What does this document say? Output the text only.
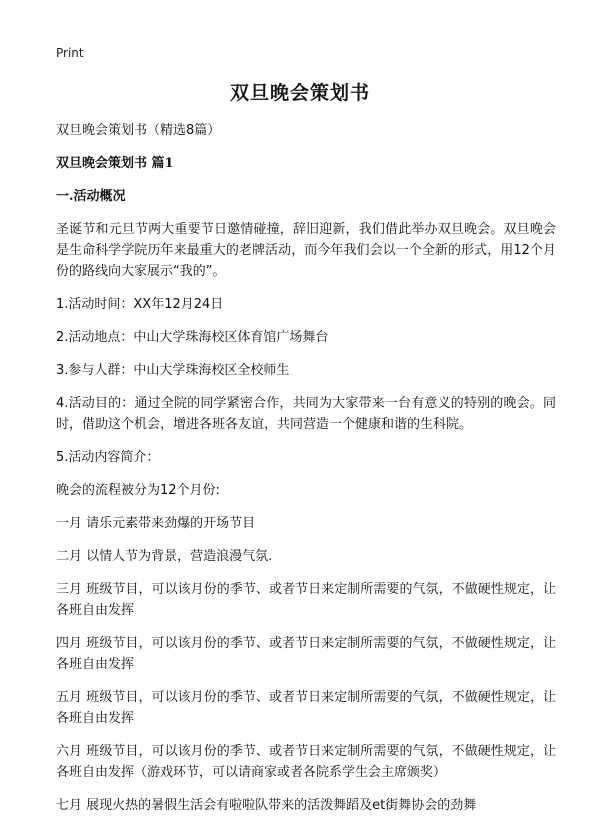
Print
双旦晚会策划书

双旦晚会策划书（精选8篇）

双旦晚会策划书 篇1

一.活动概况

圣诞节和元旦节两大重要节日邀情碰撞，辞旧迎新，我们借此举办双旦晚会。双旦晚会是生命科学学院历年来最重大的老牌活动，而今年我们会以一个全新的形式，用12个月份的路线向大家展示“我的”。

1.活动时间：XX年12月24日

2.活动地点：中山大学珠海校区体育馆广场舞台

3.参与人群：中山大学珠海校区全校师生

4.活动目的：通过全院的同学紧密合作，共同为大家带来一台有意义的特别的晚会。同时，借助这个机会，增进各班各友谊，共同营造一个健康和谐的生科院。

5.活动内容简介：

晚会的流程被分为12个月份:

一月 请乐元素带来劲爆的开场节目

二月 以情人节为背景，营造浪漫气氛.

三月 班级节目，可以该月份的季节、或者节日来定制所需要的气氛，不做硬性规定，让各班自由发挥

四月 班级节目，可以该月份的季节、或者节日来定制所需要的气氛，不做硬性规定，让各班自由发挥

五月 班级节目，可以该月份的季节、或者节日来定制所需要的气氛，不做硬性规定，让各班自由发挥

六月 班级节目，可以该月份的季节、或者节日来定制所需要的气氛，不做硬性规定，让各班自由发挥（游戏环节，可以请商家或者各院系学生会主席颁奖）

七月 展现火热的暑假生活会有啦啦队带来的活泼舞蹈及et街舞协会的劲舞
